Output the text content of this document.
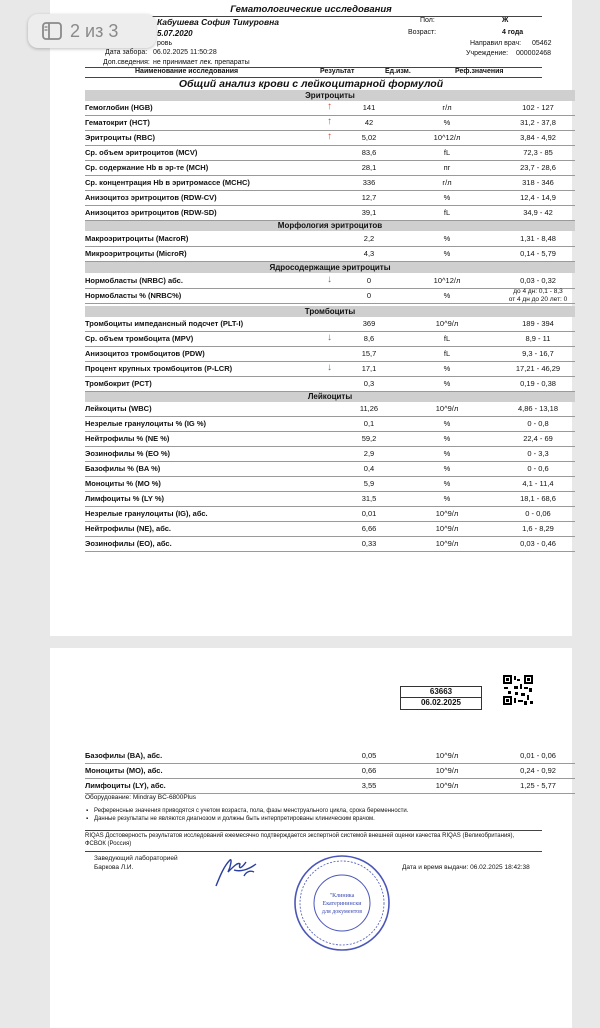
2 из 3
Гематологические исследования
Кабушева София Тимуровна
5.07.2020
ровь
Дата забора: 06.02.2025 11:50:28
Доп.сведения: не принимает лек. препараты
Пол:	Ж
Возраст:	4 года
Направил врач: 05462
Учреждение: 000002468
Наименование исследования	Результат	Ед.изм.	Реф.значения
Общий анализ крови с лейкоцитарной формулой
Эритроциты
Морфология эритроцитов
Ядросодержащие эритроциты
Тромбоциты
Лейкоциты
Гемоглобин (HGB)	↑	141	г/л	102 - 127
Гематокрит (HCT)	↑	42	%	31,2 - 37,8
Эритроциты (RBC)	↑	5,02	10^12/л	3,84 - 4,92
Ср. объем эритроцитов (MCV)	83,6	fL	72,3 - 85
Ср. содержание Hb в эр-те (MCH)	28,1	пг	23,7 - 28,6
Ср. концентрация Hb в эритромассе (MCHC)	336	г/л	318 - 346
Анизоцитоз эритроцитов (RDW-CV)	12,7	%	12,4 - 14,9
Анизоцитоз эритроцитов (RDW-SD)	39,1	fL	34,9 - 42
Макроэритроциты (MacroR)	2,2	%	1,31 - 8,48
Микроэритроциты (MicroR)	4,3	%	0,14 - 5,79
Нормобласты (NRBC) абс.	↓	0	10^12/л	0,03 - 0,32
Нормобласты % (NRBC%)	0	%	до 4 дн: 0,1 - 8,3
от 4 дн до 20 лет: 0
Тромбоциты импедансный подсчет (PLT-I)	369	10^9/л	189 - 394
Ср. объем тромбоцита (MPV)	↓	8,6	fL	8,9 - 11
Анизоцитоз тромбоцитов (PDW)	15,7	fL	9,3 - 16,7
Процент крупных тромбоцитов (P-LCR)	↓	17,1	%	17,21 - 46,29
Тромбокрит (PCT)	0,3	%	0,19 - 0,38
Лейкоциты (WBC)	11,26	10^9/л	4,86 - 13,18
Незрелые гранулоциты % (IG %)	0,1	%	0 - 0,8
Нейтрофилы % (NE %)	59,2	%	22,4 - 69
Эозинофилы % (EO %)	2,9	%	0 - 3,3
Базофилы % (BA %)	0,4	%	0 - 0,6
Моноциты % (MO %)	5,9	%	4,1 - 11,4
Лимфоциты % (LY %)	31,5	%	18,1 - 68,6
Незрелые гранулоциты (IG), абс.	0,01	10^9/л	0 - 0,06
Нейтрофилы (NE), абс.	6,66	10^9/л	1,6 - 8,29
Эозинофилы (EO), абс.	0,33	10^9/л	0,03 - 0,46
63663
06.02.2025
Базофилы (BA), абс.	0,05	10^9/л	0,01 - 0,06
Моноциты (MO), абс.	0,66	10^9/л	0,24 - 0,92
Лимфоциты (LY), абс.	3,55	10^9/л	1,25 - 5,77
Оборудование: Mindray BC-6800Plus
▪ Референсные значения приводятся с учетом возраста, пола, фазы менструального цикла, срока беременности.
▪ Данные результаты не являются диагнозом и должны быть интерпретированы клиническим врачом.
RIQAS Достоверность результатов исследований ежемесячно подтверждается экспертной системой внешней оценки качества RIQAS (Великобритания),
ФСВОК (Россия)
Заведующий лабораторией
Баркова Л.И.	Дата и время выдачи: 06.02.2025 18:42:38
"Клиника
Екатеринински
для документов
